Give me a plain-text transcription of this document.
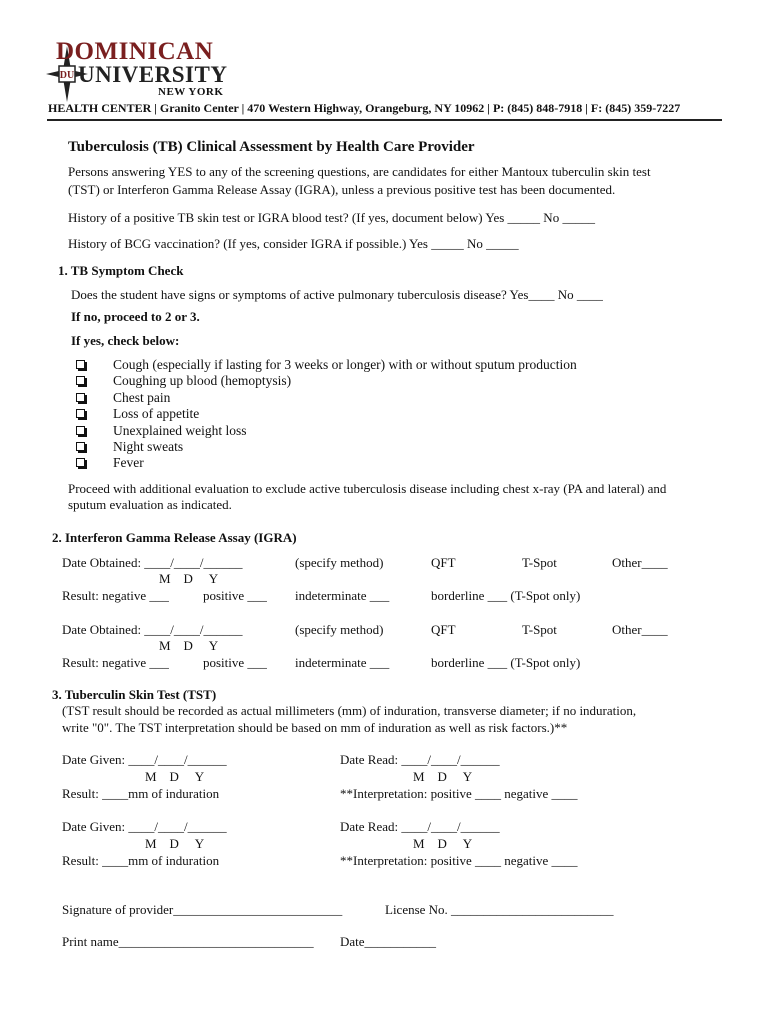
DU
DOMINICAN
UNIVERSITY
NEW YORK
HEALTH CENTER | Granito Center | 470 Western Highway, Orangeburg, NY 10962 | P: (845) 848-7918 | F: (845) 359-7227
Tuberculosis (TB) Clinical Assessment by Health Care Provider
Persons answering YES to any of the screening questions, are candidates for either Mantoux tuberculin skin test
(TST) or Interferon Gamma Release Assay (IGRA), unless a previous positive test has been documented.
History of a positive TB skin test or IGRA blood test? (If yes, document below) Yes _____ No _____
History of BCG vaccination? (If yes, consider IGRA if possible.) Yes _____ No _____
1. TB Symptom Check
Does the student have signs or symptoms of active pulmonary tuberculosis disease? Yes____ No ____
If no, proceed to 2 or 3.
If yes, check below:
Cough (especially if lasting for 3 weeks or longer) with or without sputum production
Coughing up blood (hemoptysis)
Chest pain
Loss of appetite
Unexplained weight loss
Night sweats
Fever
Proceed with additional evaluation to exclude active tuberculosis disease including chest x-ray (PA and lateral) and
sputum evaluation as indicated.
2. Interferon Gamma Release Assay (IGRA)
Date Obtained: ____/____/______	(specify method)	QFT	T-Spot	Other____
M    D     Y
Result: negative ___	positive ___ indeterminate ___	borderline ___ (T-Spot only)
Date Obtained: ____/____/______	(specify method)	QFT	T-Spot	Other____
M    D     Y
Result: negative ___	positive ___ indeterminate ___	borderline ___ (T-Spot only)
3. Tuberculin Skin Test (TST)
(TST result should be recorded as actual millimeters (mm) of induration, transverse diameter; if no induration,
write "0". The TST interpretation should be based on mm of induration as well as risk factors.)**
Date Given: ____/____/______	Date Read: ____/____/______
M    D     Y	M    D     Y
Result: ____mm of induration	**Interpretation: positive ____ negative ____
Date Given: ____/____/______	Date Read: ____/____/______
M    D     Y	M    D     Y
Result: ____mm of induration	**Interpretation: positive ____ negative ____
Signature of provider__________________________	License No. _________________________
Print name______________________________ Date___________
